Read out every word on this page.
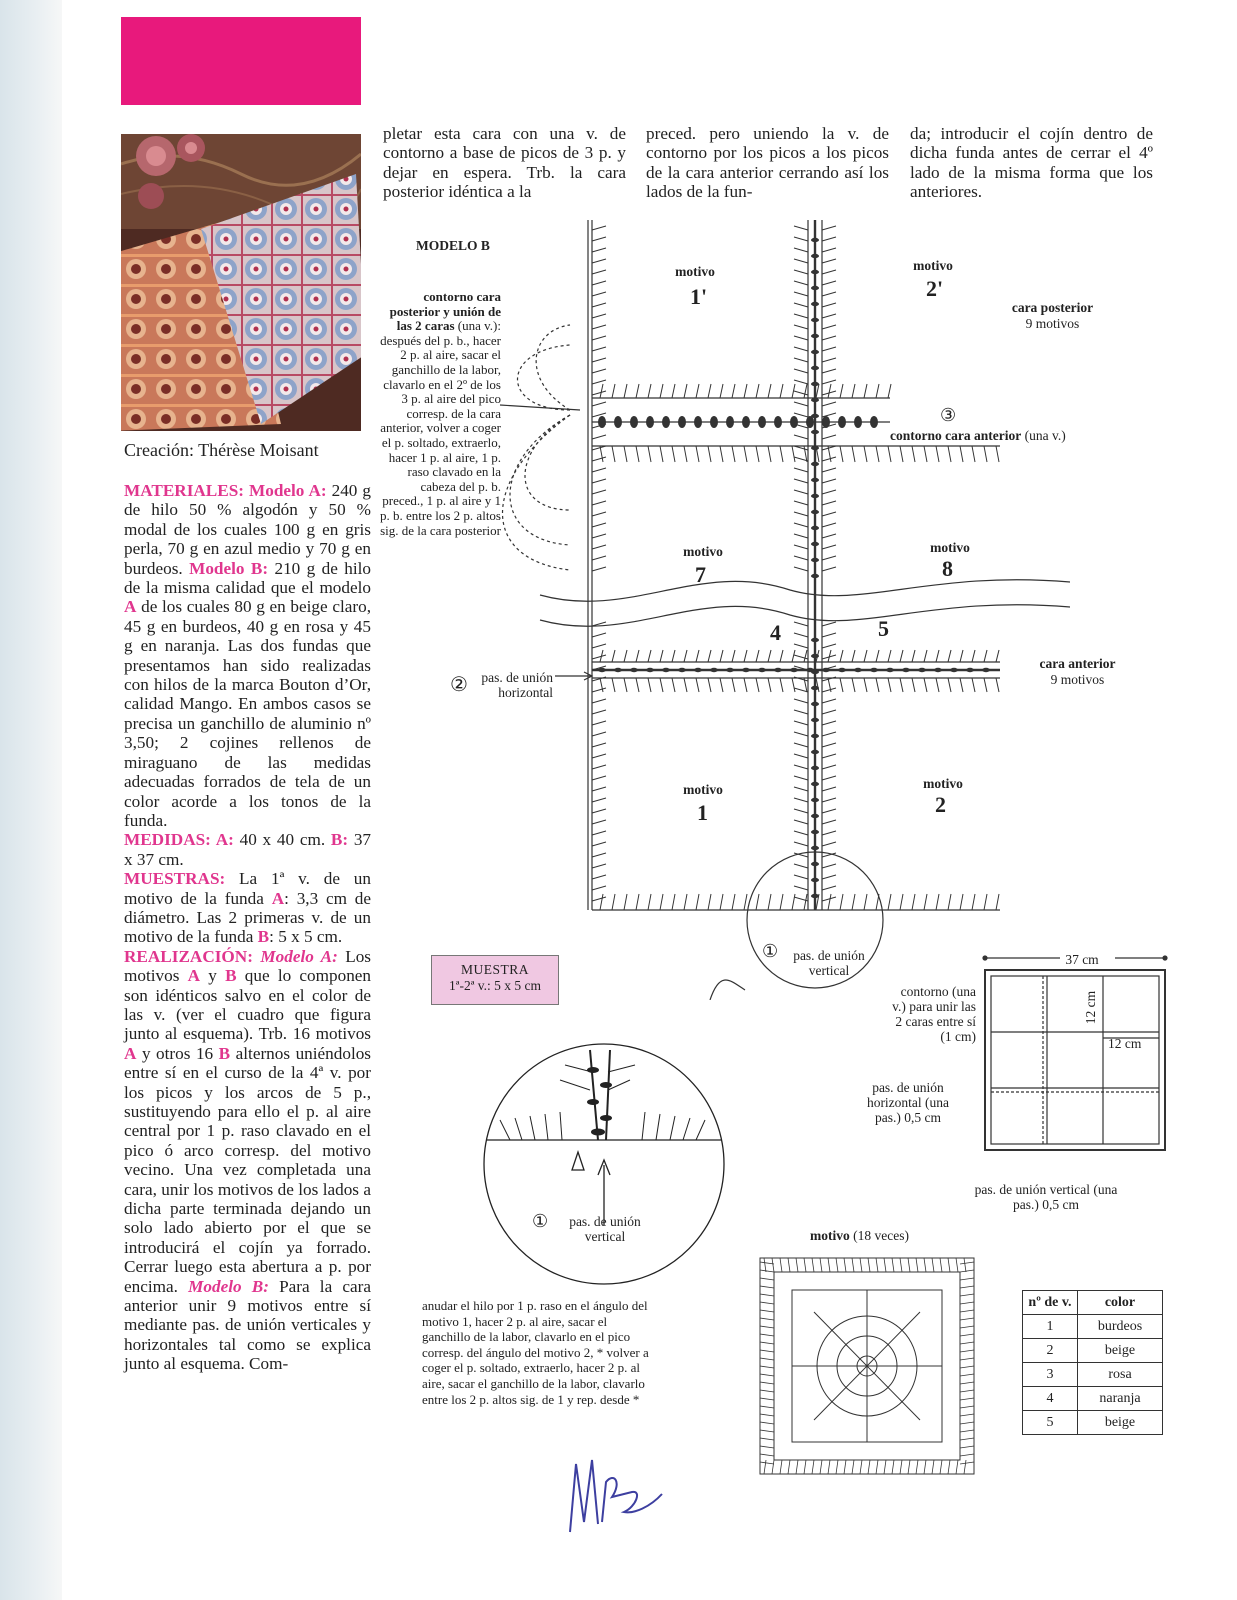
Creación: Thérèse Moisant

MATERIALES: Modelo A: 240 g de hilo 50 % algodón y 50 % modal de los cuales 100 g en gris perla, 70 g en azul medio y 70 g en burdeos. Modelo B: 210 g de hilo de la misma calidad que el modelo A de los cuales 80 g en beige claro, 45 g en burdeos, 40 g en rosa y 45 g en naranja. Las dos fundas que presentamos han sido realizadas con hilos de la marca Bouton d’Or, calidad Mango. En ambos casos se precisa un ganchillo de aluminio nº 3,50; 2 cojines rellenos de miraguano de las medidas adecuadas forrados de tela de un color acorde a los tonos de la funda.

MEDIDAS: A: 40 x 40 cm. B: 37 x 37 cm.

MUESTRAS: La 1ª v. de un motivo de la funda A: 3,3 cm de diámetro. Las 2 primeras v. de un motivo de la funda B: 5 x 5 cm.

REALIZACIÓN: Modelo A: Los motivos A y B que lo componen son idénticos salvo en el color de las v. (ver el cuadro que figura junto al esquema). Trb. 16 motivos A y otros 16 B alternos uniéndolos entre sí en el curso de la 4ª v. por los picos y los arcos de 5 p., sustituyendo para ello el p. al aire central por 1 p. raso clavado en el pico ó arco corresp. del motivo vecino. Una vez completada una cara, unir los motivos de los lados a dicha parte terminada dejando un solo lado abierto por el que se introducirá el cojín ya forrado. Cerrar luego esta abertura a p. por encima. Modelo B: Para la cara anterior unir 9 motivos entre sí mediante pas. de unión verticales y horizontales tal como se explica junto al esquema. Com-

pletar esta cara con una v. de contorno a base de picos de 3 p. y dejar en espera. Trb. la cara posterior idéntica a la
preced. pero uniendo la v. de contorno por los picos a los picos de la cara anterior cerrando así los lados de la fun-
da; introducir el cojín dentro de dicha funda antes de cerrar el 4º lado de la misma forma que los anteriores.
MODELO B
contorno cara posterior y unión de las 2 caras (una v.): después del p. b., hacer 2 p. al aire, sacar el ganchillo de la labor, clavarlo en el 2º de los 3 p. al aire del pico corresp. de la cara anterior, volver a coger el p. soltado, extraerlo, hacer 1 p. al aire, 1 p. raso clavado en la cabeza del p. b. preced., 1 p. al aire y 1 p. b. entre los 2 p. altos sig. de la cara posterior
motivo
1'
motivo
2'
cara posterior
9 motivos
③
contorno cara anterior (una v.)
motivo
7
motivo
8
4	5
cara anterior
9 motivos
② pas. de unión horizontal
motivo
1
motivo
2
①	pas. de unión vertical
MUESTRA
1ª-2ª v.: 5 x 5 cm
①	pas. de unión vertical
37 cm
12 cm
12 cm
contorno (una v.) para unir las 2 caras entre sí (1 cm)
pas. de unión horizontal (una pas.) 0,5 cm
pas. de unión vertical (una pas.) 0,5 cm
anudar el hilo por 1 p. raso en el ángulo del motivo 1, hacer 2 p. al aire, sacar el ganchillo de la labor, clavarlo en el pico corresp. del ángulo del motivo 2, * volver a coger el p. soltado, extraerlo, hacer 2 p. al aire, sacar el ganchillo de la labor, clavarlo entre los 2 p. altos sig. de 1 y rep. desde *
motivo (18 veces)
nº de v.	color
1	burdeos
2	beige
3	rosa
4	naranja
5	beige
